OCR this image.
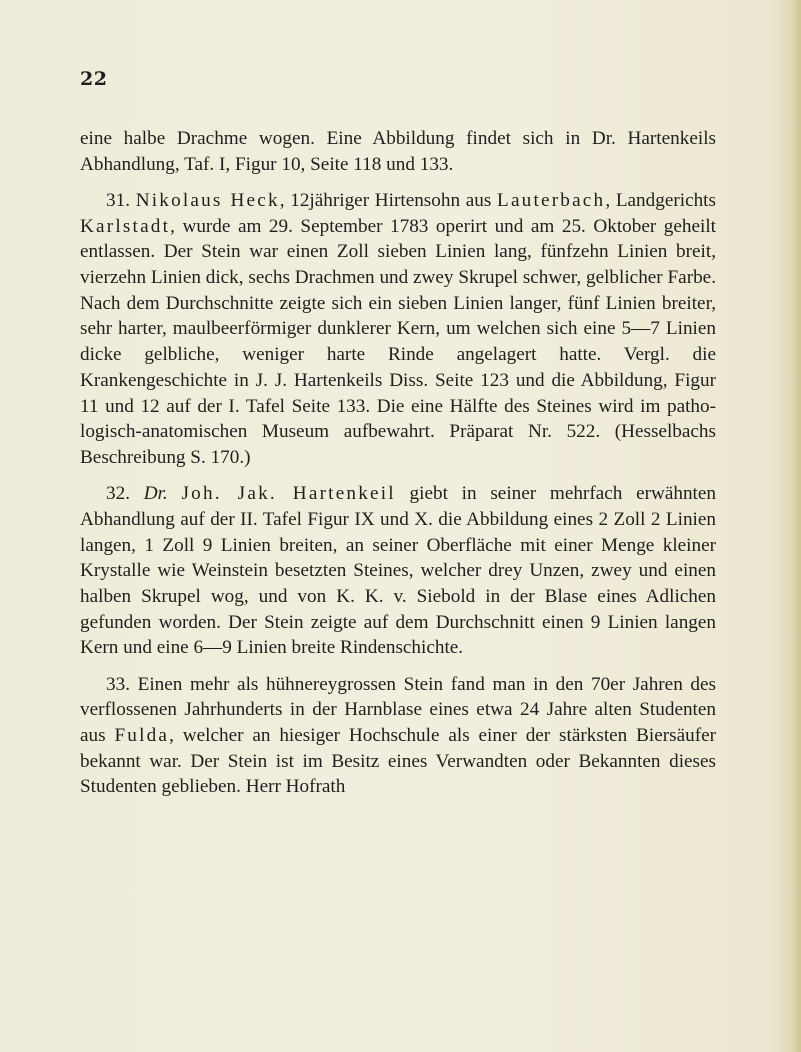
22

eine halbe Drachme wogen. Eine Abbildung findet sich in Dr. Hartenkeils Abhandlung, Taf. I, Figur 10, Seite 118 und 133.

31. Nikolaus Heck, 12jähriger Hirtensohn aus Lauterbach, Landgerichts Karlstadt, wurde am 29. September 1783 operirt und am 25. Oktober geheilt entlassen. Der Stein war einen Zoll sieben Linien lang, fünfzehn Linien breit, vierzehn Linien dick, sechs Drachmen und zwey Skrupel schwer, gelblicher Farbe. Nach dem Durchschnitte zeigte sich ein sieben Linien langer, fünf Linien breiter, sehr harter, maulbeerförmiger dunklerer Kern, um welchen sich eine 5—7 Linien dicke gelbliche, weniger harte Rinde angelagert hatte. Vergl. die Krankengeschichte in J. J. Hartenkeils Diss. Seite 123 und die Abbildung, Figur 11 und 12 auf der I. Tafel Seite 133. Die eine Hälfte des Steines wird im pathologisch-anatomischen Museum aufbewahrt. Präparat Nr. 522. (Hesselbachs Beschreibung S. 170.)

32. Dr. Joh. Jak. Hartenkeil giebt in seiner mehrfach erwähnten Abhandlung auf der II. Tafel Figur IX und X. die Abbildung eines 2 Zoll 2 Linien langen, 1 Zoll 9 Linien breiten, an seiner Oberfläche mit einer Menge kleiner Krystalle wie Weinstein besetzten Steines, welcher drey Unzen, zwey und einen halben Skrupel wog, und von K. K. v. Siebold in der Blase eines Adlichen gefunden worden. Der Stein zeigte auf dem Durchschnitt einen 9 Linien langen Kern und eine 6—9 Linien breite Rindenschichte.

33. Einen mehr als hühnereygrossen Stein fand man in den 70er Jahren des verflossenen Jahrhunderts in der Harnblase eines etwa 24 Jahre alten Studenten aus Fulda, welcher an hiesiger Hochschule als einer der stärksten Biersäufer bekannt war. Der Stein ist im Besitz eines Verwandten oder Bekannten dieses Studenten geblieben. Herr Hofrath
